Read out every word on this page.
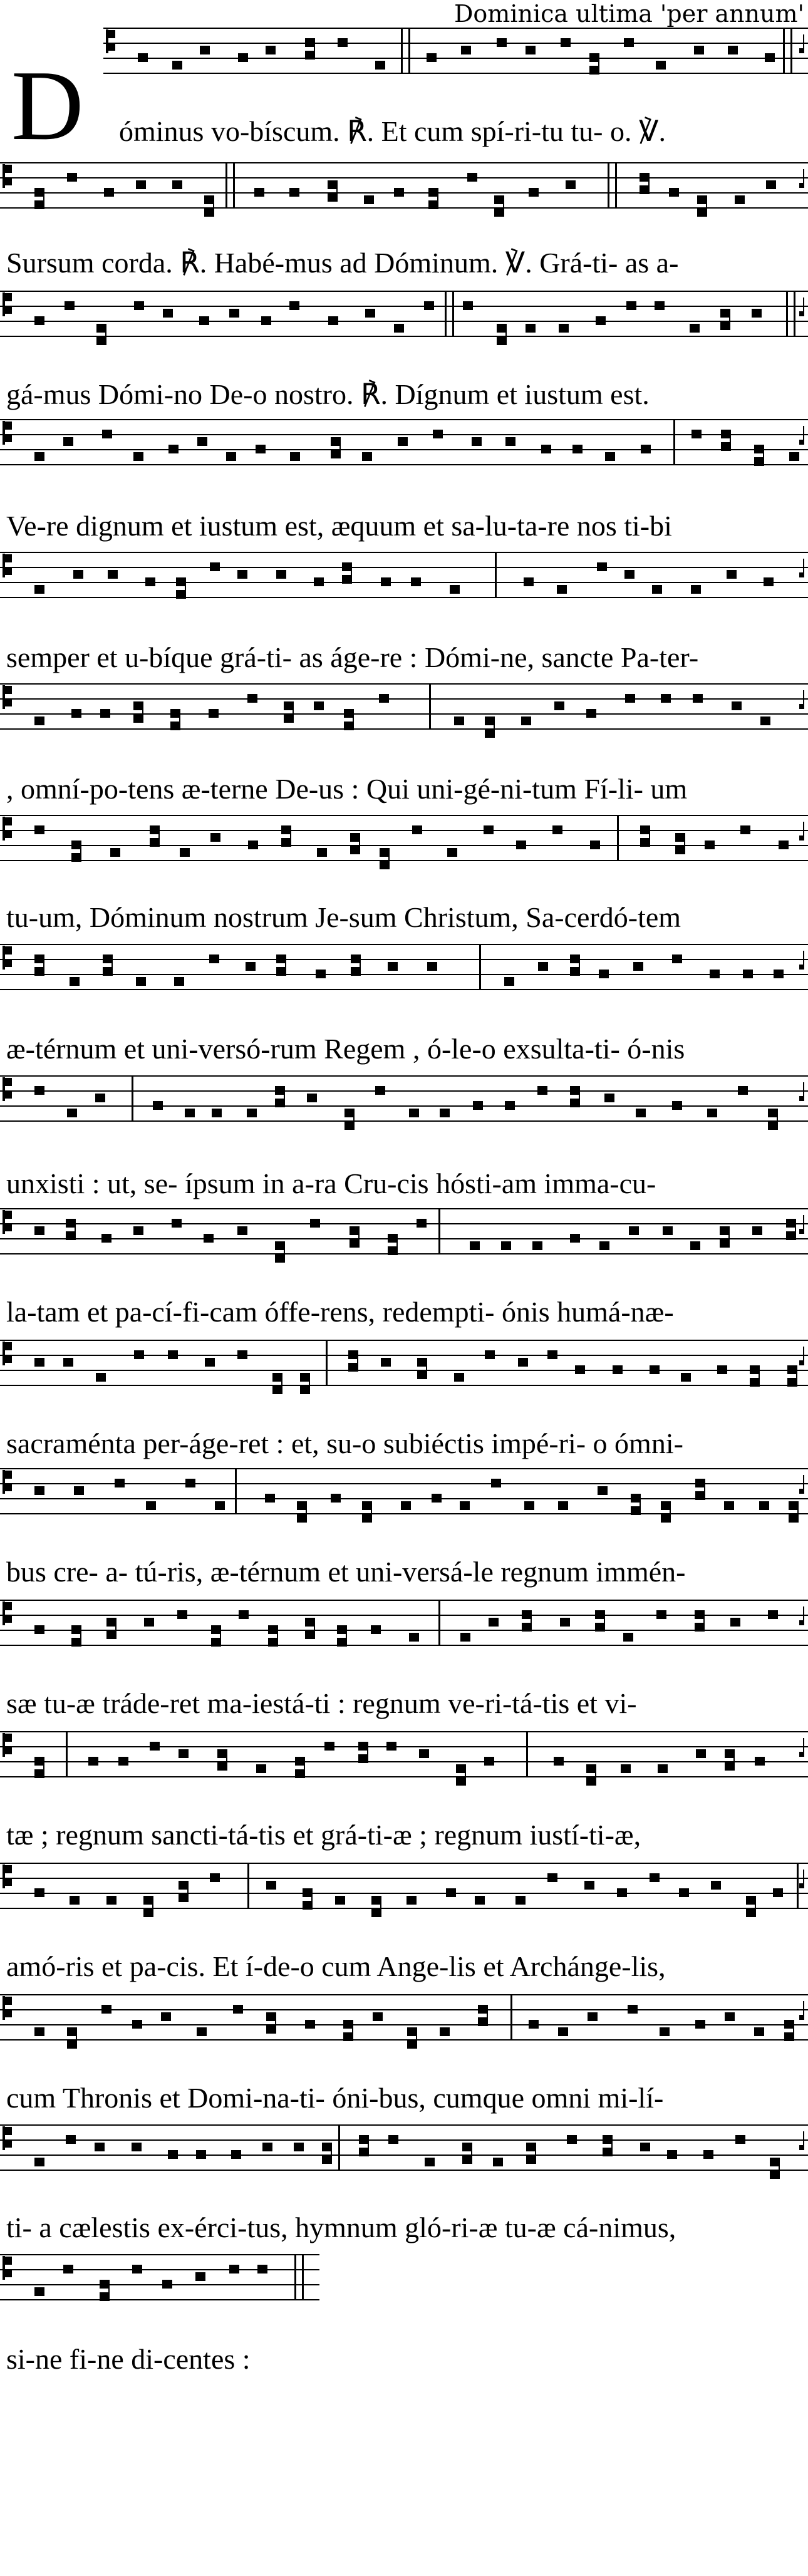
Dominica ultima 'per annum'
D óminus vo-bíscum. ℟. Et cum spí-ri-tu tu- o. ℣.
Sursum corda. ℟. Habé-mus ad Dóminum. ℣. Grá-ti- as a-
gá-mus Dómi-no De-o nostro. ℟. Dígnum et iustum est.
Ve-re dignum et iustum est, æquum et sa-lu-ta-re nos ti-bi
semper et u-bíque grá-ti- as áge-re : Dómi-ne, sancte Pa-ter-
, omní-po-tens æ-terne De-us : Qui uni-gé-ni-tum Fí-li- um
tu-um, Dóminum nostrum Je-sum Christum, Sa-cerdó-tem
æ-térnum et uni-versó-rum Regem , ó-le-o exsulta-ti- ó-nis
unxisti : ut, se- ípsum in a-ra Cru-cis hósti-am imma-cu-
la-tam et pa-cí-fi-cam óffe-rens, redempti- ónis humá-næ-
sacraménta per-áge-ret : et, su-o subiéctis impé-ri- o ómni-
bus cre- a- tú-ris, æ-térnum et uni-versá-le regnum immén-
sæ tu-æ tráde-ret ma-iestá-ti : regnum ve-ri-tá-tis et vi-
tæ ; regnum sancti-tá-tis et grá-ti-æ ; regnum iustí-ti-æ,
amó-ris et pa-cis. Et í-de-o cum Ange-lis et Archánge-lis,
cum Thronis et Domi-na-ti- óni-bus, cumque omni mi-lí-
ti- a cælestis ex-érci-tus, hymnum gló-ri-æ tu-æ cá-nimus,
si-ne fi-ne di-centes :
